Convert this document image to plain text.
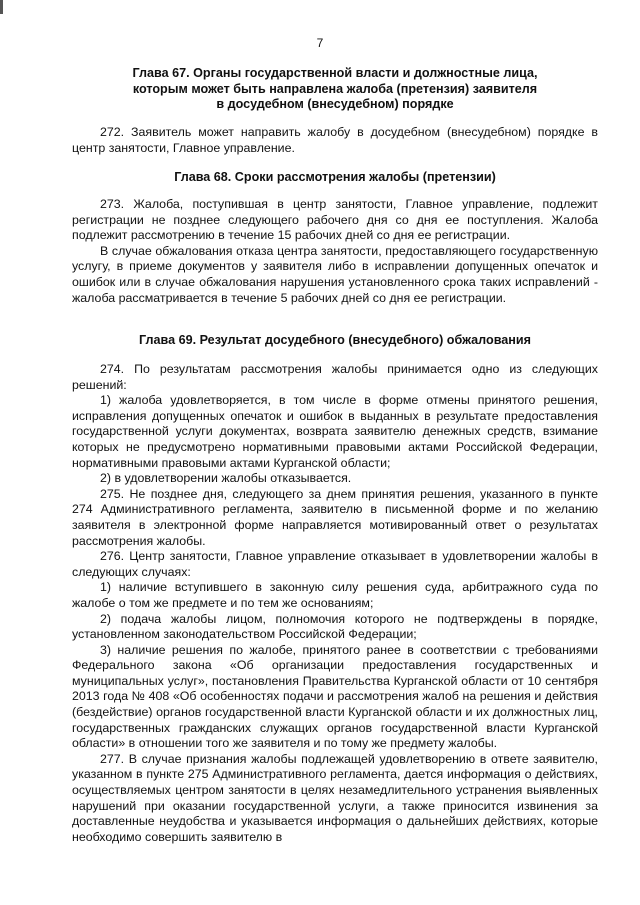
7
Глава 67. Органы государственной власти и должностные лица,
которым может быть направлена жалоба (претензия) заявителя
в досудебном (внесудебном) порядке

272. Заявитель может направить жалобу в досудебном (внесудебном) порядке в центр занятости, Главное управление.

Глава 68. Сроки рассмотрения жалобы (претензии)

273. Жалоба, поступившая в центр занятости, Главное управление, подлежит регистрации не позднее следующего рабочего дня со дня ее поступления. Жалоба подлежит рассмотрению в течение 15 рабочих дней со дня ее регистрации.

В случае обжалования отказа центра занятости, предоставляющего государственную услугу, в приеме документов у заявителя либо в исправлении допущенных опечаток и ошибок или в случае обжалования нарушения установленного срока таких исправлений - жалоба рассматривается в течение 5 рабочих дней со дня ее регистрации.

Глава 69. Результат досудебного (внесудебного) обжалования

274. По результатам рассмотрения жалобы принимается одно из следующих решений:

1) жалоба удовлетворяется, в том числе в форме отмены принятого решения, исправления допущенных опечаток и ошибок в выданных в результате предоставления государственной услуги документах, возврата заявителю денежных средств, взимание которых не предусмотрено нормативными правовыми актами Российской Федерации, нормативными правовыми актами Курганской области;

2) в удовлетворении жалобы отказывается.

275. Не позднее дня, следующего за днем принятия решения, указанного в пункте 274 Административного регламента, заявителю в письменной форме и по желанию заявителя в электронной форме направляется мотивированный ответ о результатах рассмотрения жалобы.

276. Центр занятости, Главное управление отказывает в удовлетворении жалобы в следующих случаях:

1) наличие вступившего в законную силу решения суда, арбитражного суда по жалобе о том же предмете и по тем же основаниям;

2) подача жалобы лицом, полномочия которого не подтверждены в порядке, установленном законодательством Российской Федерации;

3) наличие решения по жалобе, принятого ранее в соответствии с требованиями Федерального закона «Об организации предоставления государственных и муниципальных услуг», постановления Правительства Курганской области от 10 сентября 2013 года № 408 «Об особенностях подачи и рассмотрения жалоб на решения и действия (бездействие) органов государственной власти Курганской области и их должностных лиц, государственных гражданских служащих органов государственной власти Курганской области» в отношении того же заявителя и по тому же предмету жалобы.

277. В случае признания жалобы подлежащей удовлетворению в ответе заявителю, указанном в пункте 275 Административного регламента, дается информация о действиях, осуществляемых центром занятости в целях незамедлительного устранения выявленных нарушений при оказании государственной услуги, а также приносится извинения за доставленные неудобства и указывается информация о дальнейших действиях, которые необходимо совершить заявителю в
